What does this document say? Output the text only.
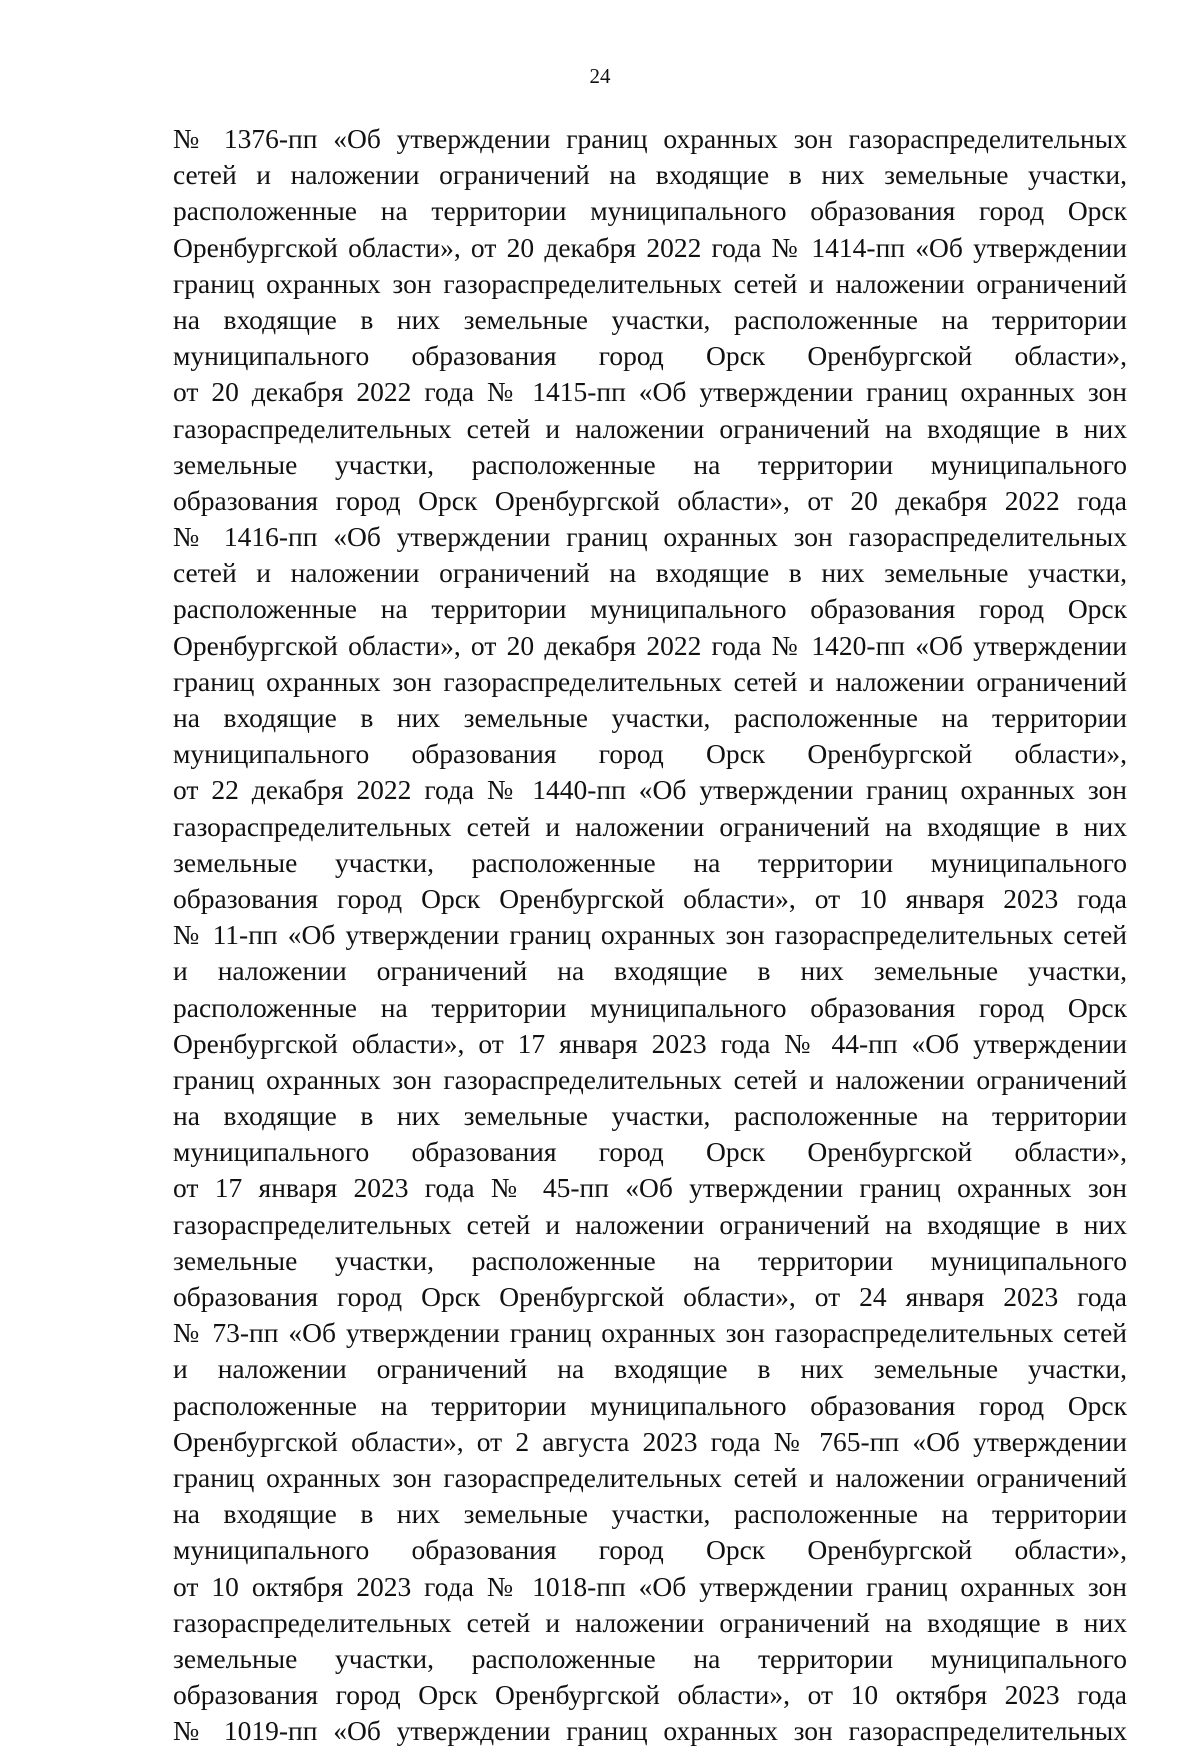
24
№ 1376-пп «Об утверждении границ охранных зон газораспределительных
сетей и наложении ограничений на входящие в них земельные участки,
расположенные на территории муниципального образования город Орск
Оренбургской области», от 20 декабря 2022 года № 1414-пп «Об утверждении
границ охранных зон газораспределительных сетей и наложении ограничений
на входящие в них земельные участки, расположенные на территории
муниципального образования город Орск Оренбургской области»,
от 20 декабря 2022 года № 1415-пп «Об утверждении границ охранных зон
газораспределительных сетей и наложении ограничений на входящие в них
земельные участки, расположенные на территории муниципального
образования город Орск Оренбургской области», от 20 декабря 2022 года
№ 1416-пп «Об утверждении границ охранных зон газораспределительных
сетей и наложении ограничений на входящие в них земельные участки,
расположенные на территории муниципального образования город Орск
Оренбургской области», от 20 декабря 2022 года № 1420-пп «Об утверждении
границ охранных зон газораспределительных сетей и наложении ограничений
на входящие в них земельные участки, расположенные на территории
муниципального образования город Орск Оренбургской области»,
от 22 декабря 2022 года № 1440-пп «Об утверждении границ охранных зон
газораспределительных сетей и наложении ограничений на входящие в них
земельные участки, расположенные на территории муниципального
образования город Орск Оренбургской области», от 10 января 2023 года
№ 11-пп «Об утверждении границ охранных зон газораспределительных сетей
и наложении ограничений на входящие в них земельные участки,
расположенные на территории муниципального образования город Орск
Оренбургской области», от 17 января 2023 года № 44-пп «Об утверждении
границ охранных зон газораспределительных сетей и наложении ограничений
на входящие в них земельные участки, расположенные на территории
муниципального образования город Орск Оренбургской области»,
от 17 января 2023 года № 45-пп «Об утверждении границ охранных зон
газораспределительных сетей и наложении ограничений на входящие в них
земельные участки, расположенные на территории муниципального
образования город Орск Оренбургской области», от 24 января 2023 года
№ 73-пп «Об утверждении границ охранных зон газораспределительных сетей
и наложении ограничений на входящие в них земельные участки,
расположенные на территории муниципального образования город Орск
Оренбургской области», от 2 августа 2023 года № 765-пп «Об утверждении
границ охранных зон газораспределительных сетей и наложении ограничений
на входящие в них земельные участки, расположенные на территории
муниципального образования город Орск Оренбургской области»,
от 10 октября 2023 года № 1018-пп «Об утверждении границ охранных зон
газораспределительных сетей и наложении ограничений на входящие в них
земельные участки, расположенные на территории муниципального
образования город Орск Оренбургской области», от 10 октября 2023 года
№ 1019-пп «Об утверждении границ охранных зон газораспределительных
